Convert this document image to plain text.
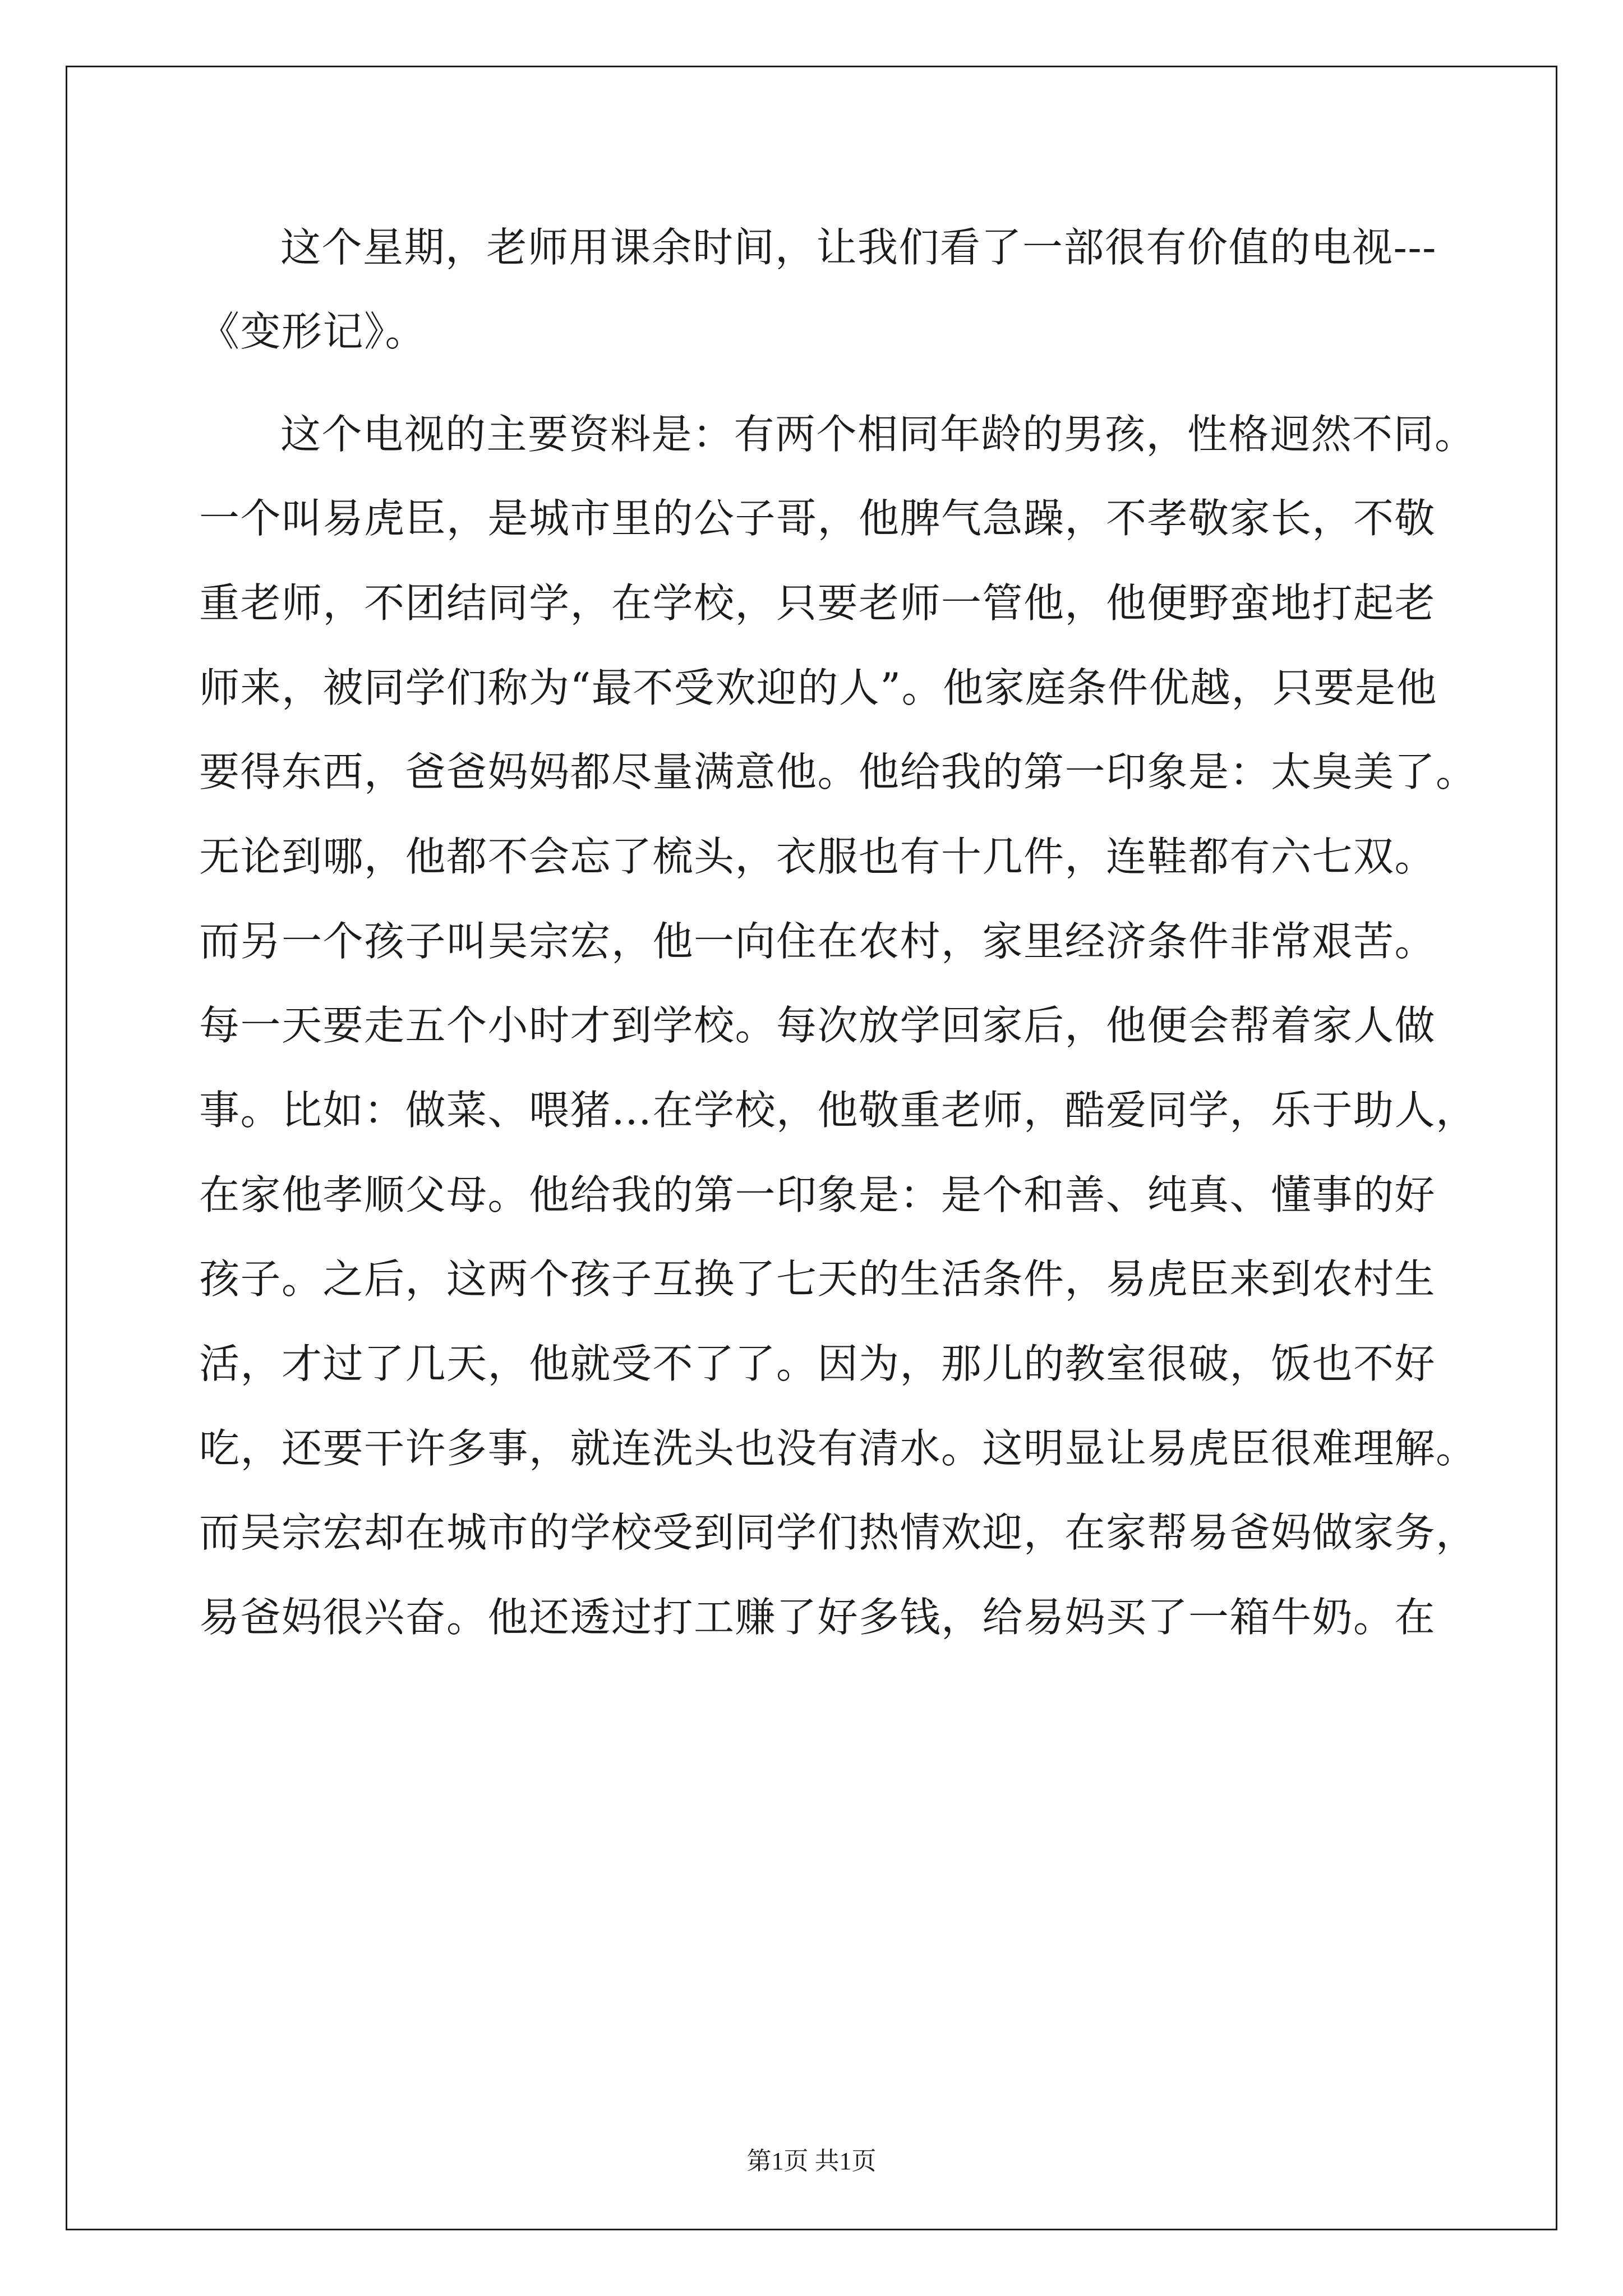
这个星期，老师用课余时间，让我们看了一部很有价值的电视---
《变形记》。
这个电视的主要资料是：有两个相同年龄的男孩，性格迥然不同。
一个叫易虎臣，是城市里的公子哥，他脾气急躁，不孝敬家长，不敬
重老师，不团结同学，在学校，只要老师一管他，他便野蛮地打起老
师来，被同学们称为“最不受欢迎的人”。他家庭条件优越，只要是他
要得东西，爸爸妈妈都尽量满意他。他给我的第一印象是：太臭美了。
无论到哪，他都不会忘了梳头，衣服也有十几件，连鞋都有六七双。
而另一个孩子叫吴宗宏，他一向住在农村，家里经济条件非常艰苦。
每一天要走五个小时才到学校。每次放学回家后，他便会帮着家人做
事。比如：做菜、喂猪…在学校，他敬重老师，酷爱同学，乐于助人，
在家他孝顺父母。他给我的第一印象是：是个和善、纯真、懂事的好
孩子。之后，这两个孩子互换了七天的生活条件，易虎臣来到农村生
活，才过了几天，他就受不了了。因为，那儿的教室很破，饭也不好
吃，还要干许多事，就连洗头也没有清水。这明显让易虎臣很难理解。
而吴宗宏却在城市的学校受到同学们热情欢迎，在家帮易爸妈做家务，
易爸妈很兴奋。他还透过打工赚了好多钱，给易妈买了一箱牛奶。在
第1页 共1页
